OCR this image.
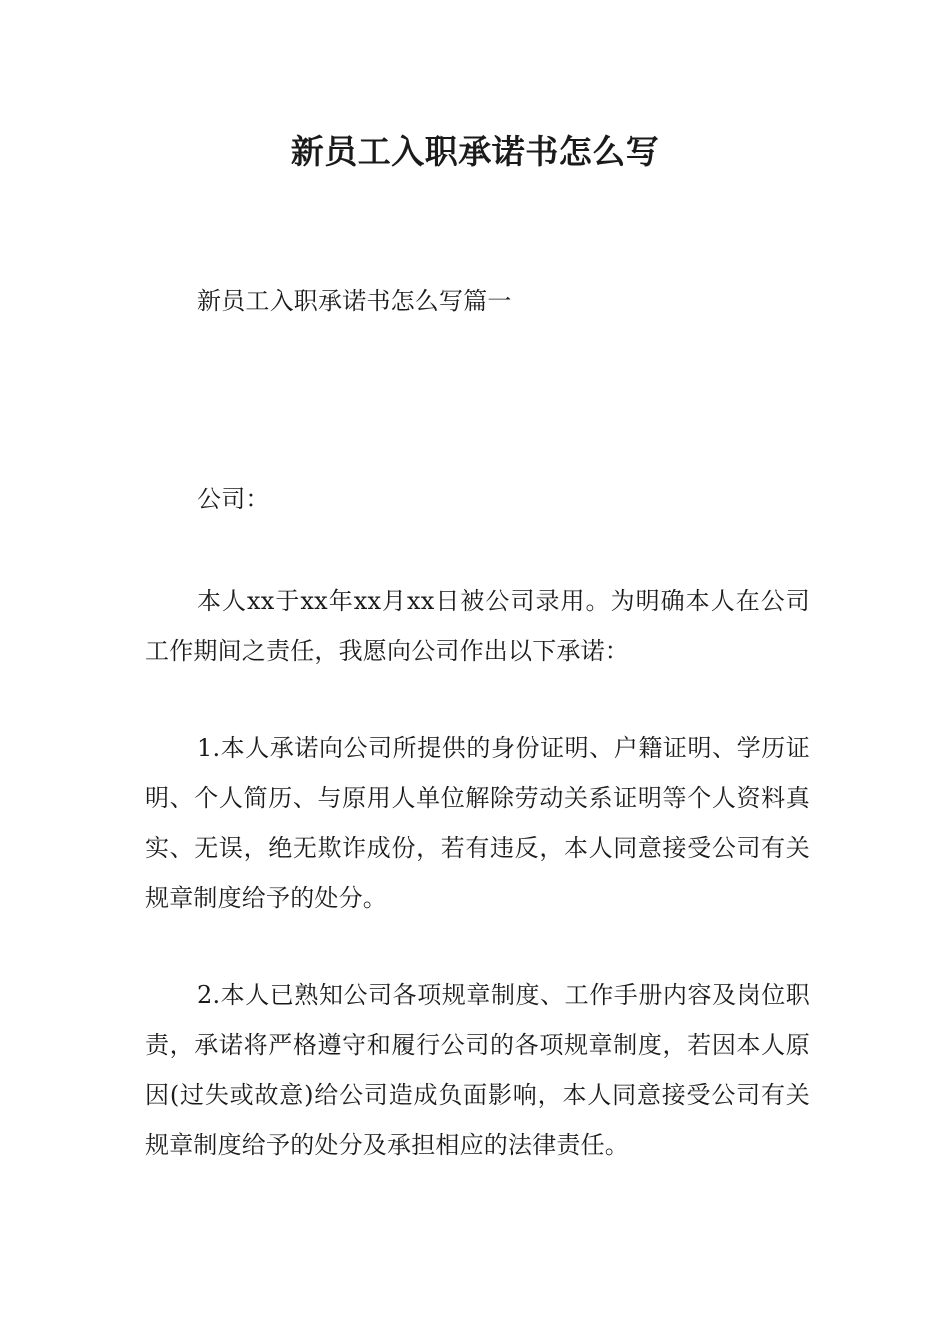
新员工入职承诺书怎么写

新员工入职承诺书怎么写篇一

公司：

本人xx于xx年xx月xx日被公司录用。为明确本人在公司工作期间之责任，我愿向公司作出以下承诺：

1.本人承诺向公司所提供的身份证明、户籍证明、学历证明、个人简历、与原用人单位解除劳动关系证明等个人资料真实、无误，绝无欺诈成份，若有违反，本人同意接受公司有关规章制度给予的处分。

2.本人已熟知公司各项规章制度、工作手册内容及岗位职责，承诺将严格遵守和履行公司的各项规章制度，若因本人原因(过失或故意)给公司造成负面影响，本人同意接受公司有关规章制度给予的处分及承担相应的法律责任。
